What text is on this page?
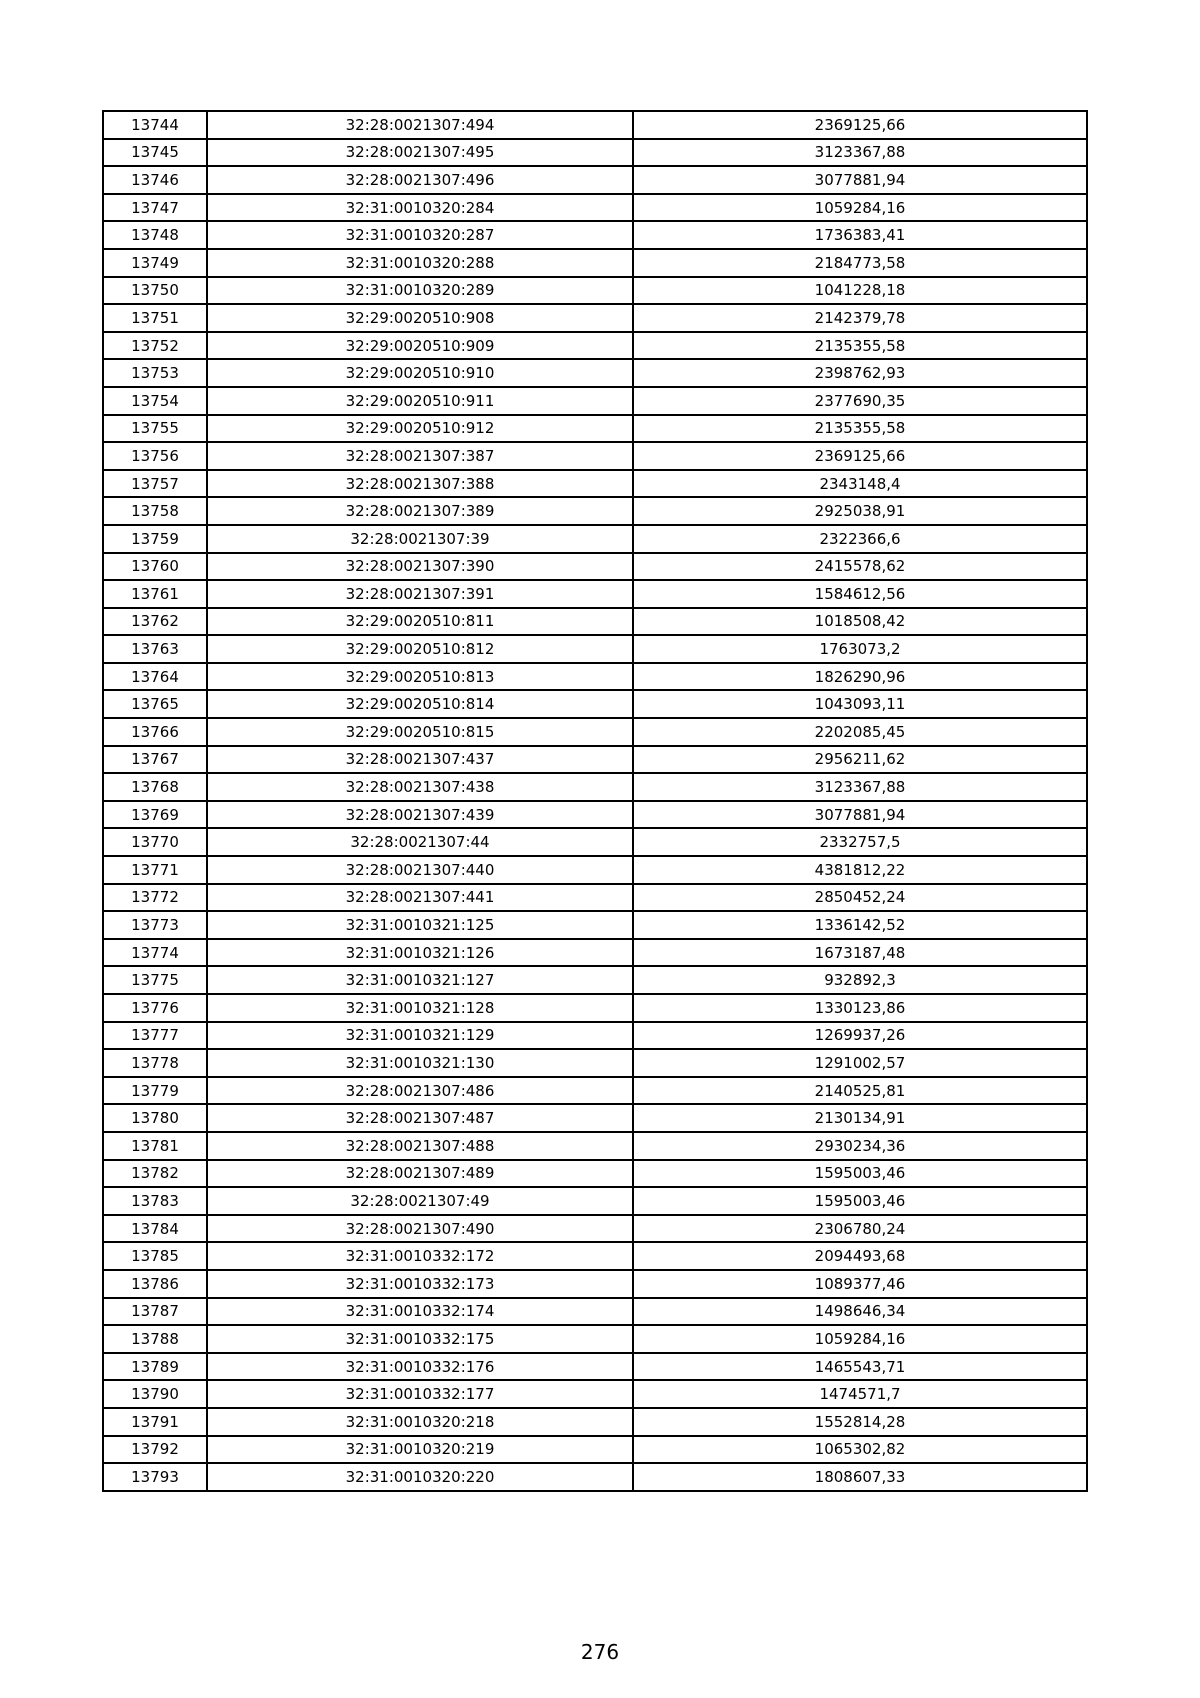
13744	32:28:0021307:494	2369125,66
13745	32:28:0021307:495	3123367,88
13746	32:28:0021307:496	3077881,94
13747	32:31:0010320:284	1059284,16
13748	32:31:0010320:287	1736383,41
13749	32:31:0010320:288	2184773,58
13750	32:31:0010320:289	1041228,18
13751	32:29:0020510:908	2142379,78
13752	32:29:0020510:909	2135355,58
13753	32:29:0020510:910	2398762,93
13754	32:29:0020510:911	2377690,35
13755	32:29:0020510:912	2135355,58
13756	32:28:0021307:387	2369125,66
13757	32:28:0021307:388	2343148,4
13758	32:28:0021307:389	2925038,91
13759	32:28:0021307:39	2322366,6
13760	32:28:0021307:390	2415578,62
13761	32:28:0021307:391	1584612,56
13762	32:29:0020510:811	1018508,42
13763	32:29:0020510:812	1763073,2
13764	32:29:0020510:813	1826290,96
13765	32:29:0020510:814	1043093,11
13766	32:29:0020510:815	2202085,45
13767	32:28:0021307:437	2956211,62
13768	32:28:0021307:438	3123367,88
13769	32:28:0021307:439	3077881,94
13770	32:28:0021307:44	2332757,5
13771	32:28:0021307:440	4381812,22
13772	32:28:0021307:441	2850452,24
13773	32:31:0010321:125	1336142,52
13774	32:31:0010321:126	1673187,48
13775	32:31:0010321:127	932892,3
13776	32:31:0010321:128	1330123,86
13777	32:31:0010321:129	1269937,26
13778	32:31:0010321:130	1291002,57
13779	32:28:0021307:486	2140525,81
13780	32:28:0021307:487	2130134,91
13781	32:28:0021307:488	2930234,36
13782	32:28:0021307:489	1595003,46
13783	32:28:0021307:49	1595003,46
13784	32:28:0021307:490	2306780,24
13785	32:31:0010332:172	2094493,68
13786	32:31:0010332:173	1089377,46
13787	32:31:0010332:174	1498646,34
13788	32:31:0010332:175	1059284,16
13789	32:31:0010332:176	1465543,71
13790	32:31:0010332:177	1474571,7
13791	32:31:0010320:218	1552814,28
13792	32:31:0010320:219	1065302,82
13793	32:31:0010320:220	1808607,33
276
